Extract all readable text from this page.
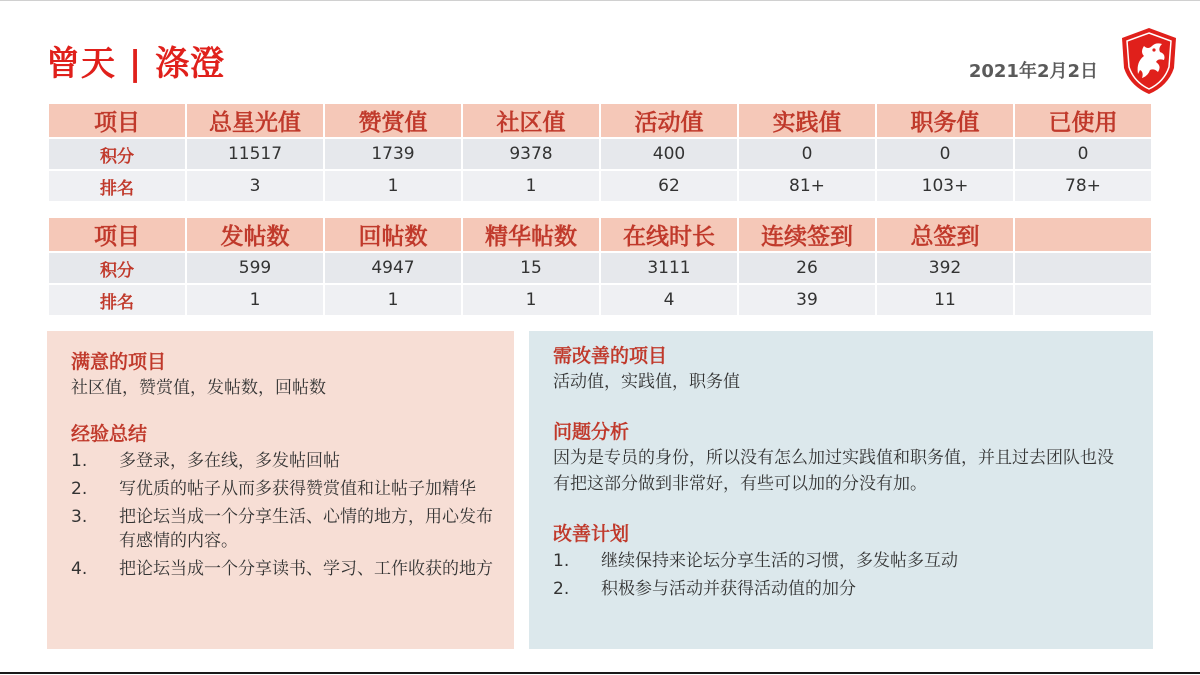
曾天 | 涤澄	2021年2月2日
项目	总星光值	赞赏值	社区值	活动值	实践值	职务值	已使用
积分	11517	1739	9378	400	0	0	0
排名	3	1	1	62	81+	103+	78+
项目	发帖数	回帖数	精华帖数	在线时长	连续签到	总签到	
积分	599	4947	15	3111	26	392	
排名	1	1	1	4	39	11	

满意的项目

社区值，赞赏值，发帖数，回帖数

经验总结

1.	多登录，多在线，多发帖回帖
2.	写优质的帖子从而多获得赞赏值和让帖子加精华
3.	把论坛当成一个分享生活、心情的地方，用心发布有感情的内容。
4.	把论坛当成一个分享读书、学习、工作收获的地方

需改善的项目

活动值，实践值，职务值

问题分析

因为是专员的身份，所以没有怎么加过实践值和职务值，并且过去团队也没有把这部分做到非常好，有些可以加的分没有加。

改善计划

1.	继续保持来论坛分享生活的习惯，多发帖多互动
2.	积极参与活动并获得活动值的加分
